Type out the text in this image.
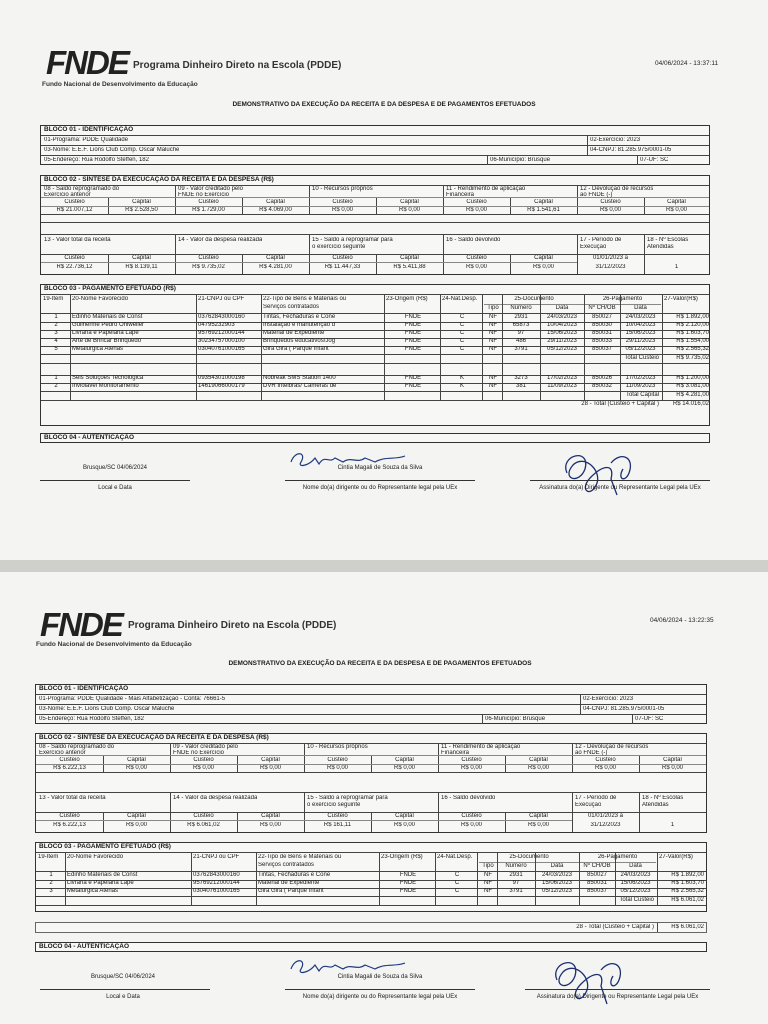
FNDE Programa Dinheiro Direto na Escola (PDDE)
Fundo Nacional de Desenvolvimento da Educação
04/06/2024 - 13:37:11
DEMONSTRATIVO DA EXECUÇÃO DA RECEITA E DA DESPESA E DE PAGAMENTOS EFETUADOS
BLOCO 01 - IDENTIFICAÇÃO
01-Programa: PDDE Qualidade	02-Exercício: 2023
03-Nome: E.E.F. Lions Club Comp. Oscar Maluche	04-CNPJ: 81.285.975/0001-05
05-Endereço: Rua Rodolfo Steffen, 182	06-Município: Brusque	07-UF: SC
BLOCO 02 - SÍNTESE DA EXECUCAÇÃO DA RECEITA E DA DESPESA (R$)
08 - Saldo reprogramado do
Exercício anterior
09 - Valor creditado pelo
FNDE no Exercício
10 - Recursos próprios	11 - Rendimento de aplicação
Financeira
12 - Devolução de recursos
ao FNDE (-)
Custeio	Capital	Custeio	Capital	Custeio	Capital	Custeio	Capital	Custeio	Capital
R$ 21.007,12	R$ 2.528,50	R$ 1.729,00	R$ 4.069,00	R$ 0,00	R$ 0,00	R$ 0,00	R$ 1.541,61	R$ 0,00	R$ 0,00
13 - Valor total da receita	14 - Valor da despesa realizada	15 - Saldo a reprogramar para
o exercício seguinte
16 - Saldo devolvido	17 - Período de
Execução
18 - Nº Escolas
Atendidas
Custeio	Capital	Custeio	Capital	Custeio	Capital	Custeio	Capital	01/01/2023 a
R$ 22.736,12	R$ 8.139,11	R$ 9.735,02	R$ 4.281,00	R$ 11.447,33	R$ 5.411,88	R$ 0,00	R$ 0,00	31/12/2023	1
BLOCO 03 - PAGAMENTO EFETUADO (R$)
19-Item 20-Nome Favorecido	21-CNPJ ou CPF	22-Tipo de Bens e Materiais ou
Serviços contratados
23-Origem (R$) 24-Nat.Desp.	25-Documento	26-Pagamento	27-Valor(R$)
Tipo	Número	Data	Nº CH/OB	Data
1	Edinho Materiais de Const	03762843000160	Tintas, Fechaduras e Cone	FNDE	C	NF	2931	24/03/2023	850027	24/03/2023	R$ 1.892,00
2	Guilherme Pedro Ohlweiler	04795232903	Instalação e manutenção d	FNDE	C	NF	65873	10/04/2023	850030	10/04/2023	R$ 2.120,00
3	Livraria e Papelaria Lape	95769212000144	Material de Expediente	FNDE	C	NF	97	15/06/2023	850031	15/06/2023	R$ 1.603,70
4	Arte de Brincar Brinquedo	30234757000100	Brinquedos educativos/Jog	FNDE	C	NF	486	29/11/2023	850033	29/11/2023	R$ 1.554,00
5	Metalúrgica Atenas	03040761000165	Gira Gira ( Parque Infant	FNDE	C	NF	3791	05/12/2023	850037	05/12/2023	R$ 2.565,32
Total Custeio	R$ 9.735,02
1	Seis Soluções Tecnológica	09354301000198	Nobreak SMS Station 1400	FNDE	K	NF	3273	17/02/2023	850026	17/02/2023	R$ 1.200,00
2	Inviolável Monitoramento	14619066000179	DVR Intelbras/ Câmeras de	FNDE	K	NF	381	11/09/2023	850032	11/09/2023	R$ 3.081,00
Total Capital	R$ 4.281,00
28 - Total (Custeio + Capital )	R$ 14.016,02
BLOCO 04 - AUTENTICAÇÃO
Brusque/SC 04/06/2024
Local e Data
Cintia Magali de Souza da Silva
Nome do(a) dirigente ou do Representante legal pela UEx	Assinatura do(a) Dirigente ou Representante Legal pela UEx
FNDE Programa Dinheiro Direto na Escola (PDDE)
Fundo Nacional de Desenvolvimento da Educação
04/06/2024 - 13:22:35
DEMONSTRATIVO DA EXECUÇÃO DA RECEITA E DA DESPESA E DE PAGAMENTOS EFETUADOS
BLOCO 01 - IDENTIFICAÇÃO
01-Programa: PDDE Qualidade - Mais Alfabetização - Conta: 76661-5	02-Exercício: 2023
03-Nome: E.E.F. Lions Club Comp. Oscar Maluche	04-CNPJ: 81.285.975/0001-05
05-Endereço: Rua Rodolfo Steffen, 182	06-Município: Brusque	07-UF: SC
BLOCO 02 - SÍNTESE DA EXECUCAÇÃO DA RECEITA E DA DESPESA (R$)
08 - Saldo reprogramado do
Exercício anterior
09 - Valor creditado pelo
FNDE no Exercício
10 - Recursos próprios	11 - Rendimento de aplicação
Financeira
12 - Devolução de recursos
ao FNDE (-)
Custeio	Capital	Custeio	Capital	Custeio	Capital	Custeio	Capital	Custeio	Capital
R$ 6.222,13	R$ 0,00	R$ 0,00	R$ 0,00	R$ 0,00	R$ 0,00	R$ 0,00	R$ 0,00	R$ 0,00	R$ 0,00
13 - Valor total da receita	14 - Valor da despesa realizada	15 - Saldo a reprogramar para
o exercício seguinte
16 - Saldo devolvido	17 - Período de
Execução
18 - Nº Escolas
Atendidas
Custeio	Capital	Custeio	Capital	Custeio	Capital	Custeio	Capital	01/01/2023 a
R$ 6.222,13	R$ 0,00	R$ 6.061,02	R$ 0,00	R$ 161,11	R$ 0,00	R$ 0,00	R$ 0,00	31/12/2023	1
BLOCO 03 - PAGAMENTO EFETUADO (R$)
19-Item 20-Nome Favorecido	21-CNPJ ou CPF	22-Tipo de Bens e Materiais ou
Serviços contratados
23-Origem (R$) 24-Nat.Desp.	25-Documento	26-Pagamento	27-Valor(R$)
Tipo	Número	Data	Nº CH/OB	Data
1	Edinho Materiais de Const	03762843000160	Tintas, Fechaduras e Cone	FNDE	C	NF	2931	24/03/2023	850027	24/03/2023	R$ 1.892,00
2	Livraria e Papelaria Lape	95769212000144	Material de Expediente	FNDE	C	NF	97	15/06/2023	850031	15/06/2023	R$ 1.603,70
3	Metalúrgica Atenas	03040761000165	Gira Gira ( Parque Infant	FNDE	C	NF	3791	05/12/2023	850037	05/12/2023	R$ 2.565,32
Total Custeio	R$ 6.061,02
28 - Total (Custeio + Capital )	R$ 6.061,02
BLOCO 04 - AUTENTICAÇÃO
Brusque/SC 04/06/2024
Local e Data
Cintia Magali de Souza da Silva
Nome do(a) dirigente ou do Representante legal pela UEx	Assinatura do(a) Dirigente ou Representante Legal pela UEx
